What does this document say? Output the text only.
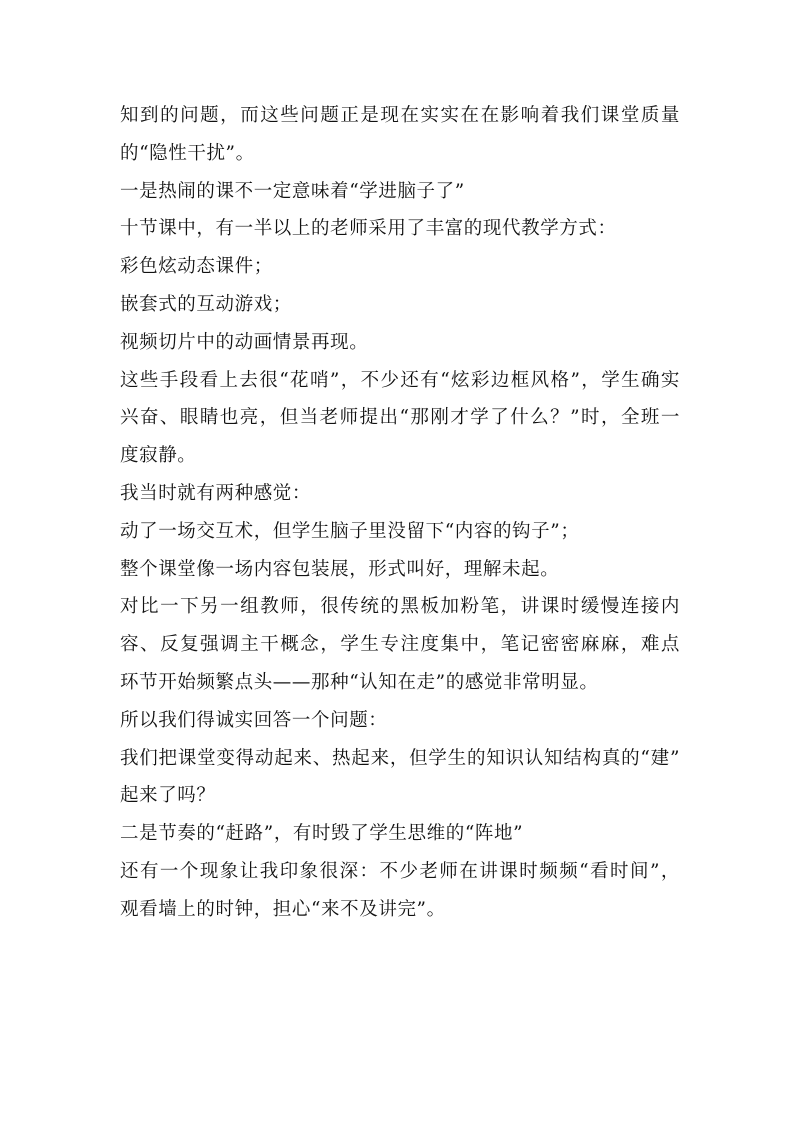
知到的问题，而这些问题正是现在实实在在影响着我们课堂质量
的“隐性干扰”。
一是热闹的课不一定意味着“学进脑子了”
十节课中，有一半以上的老师采用了丰富的现代教学方式：
彩色炫动态课件；
嵌套式的互动游戏；
视频切片中的动画情景再现。
这些手段看上去很“花哨”，不少还有“炫彩边框风格”，学生确实
兴奋、眼睛也亮，但当老师提出“那刚才学了什么？”时，全班一
度寂静。
我当时就有两种感觉：
动了一场交互术，但学生脑子里没留下“内容的钩子”；
整个课堂像一场内容包装展，形式叫好，理解未起。
对比一下另一组教师，很传统的黑板加粉笔，讲课时缓慢连接内
容、反复强调主干概念，学生专注度集中，笔记密密麻麻，难点
环节开始频繁点头——那种“认知在走”的感觉非常明显。
所以我们得诚实回答一个问题：
我们把课堂变得动起来、热起来，但学生的知识认知结构真的“建”
起来了吗？
二是节奏的“赶路”，有时毁了学生思维的“阵地”
还有一个现象让我印象很深：不少老师在讲课时频频“看时间”，
观看墙上的时钟，担心“来不及讲完”。
